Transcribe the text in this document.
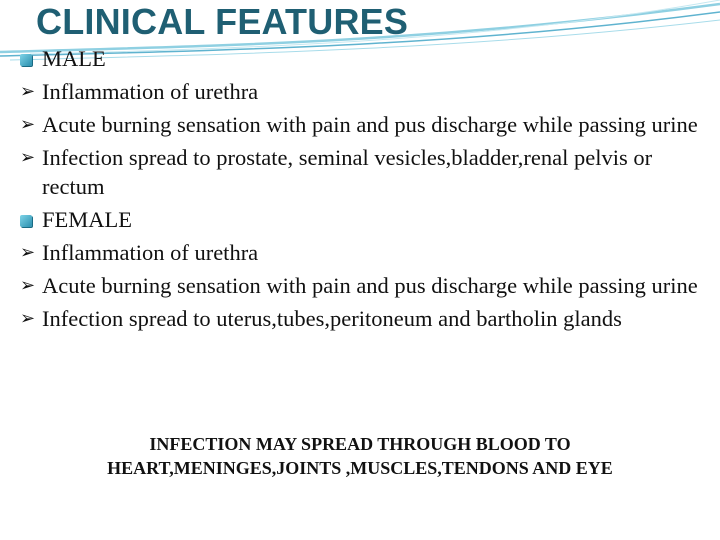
CLINICAL FEATURES
MALE
➢ Inflammation of urethra
➢ Acute burning sensation with pain and pus discharge while passing urine
➢ Infection spread to prostate, seminal vesicles,bladder,renal pelvis or rectum
FEMALE
➢ Inflammation of urethra
➢ Acute burning sensation with pain and pus discharge while passing urine
➢ Infection spread to uterus,tubes,peritoneum and bartholin glands
INFECTION MAY SPREAD THROUGH BLOOD TO
HEART,MENINGES,JOINTS ,MUSCLES,TENDONS AND EYE
